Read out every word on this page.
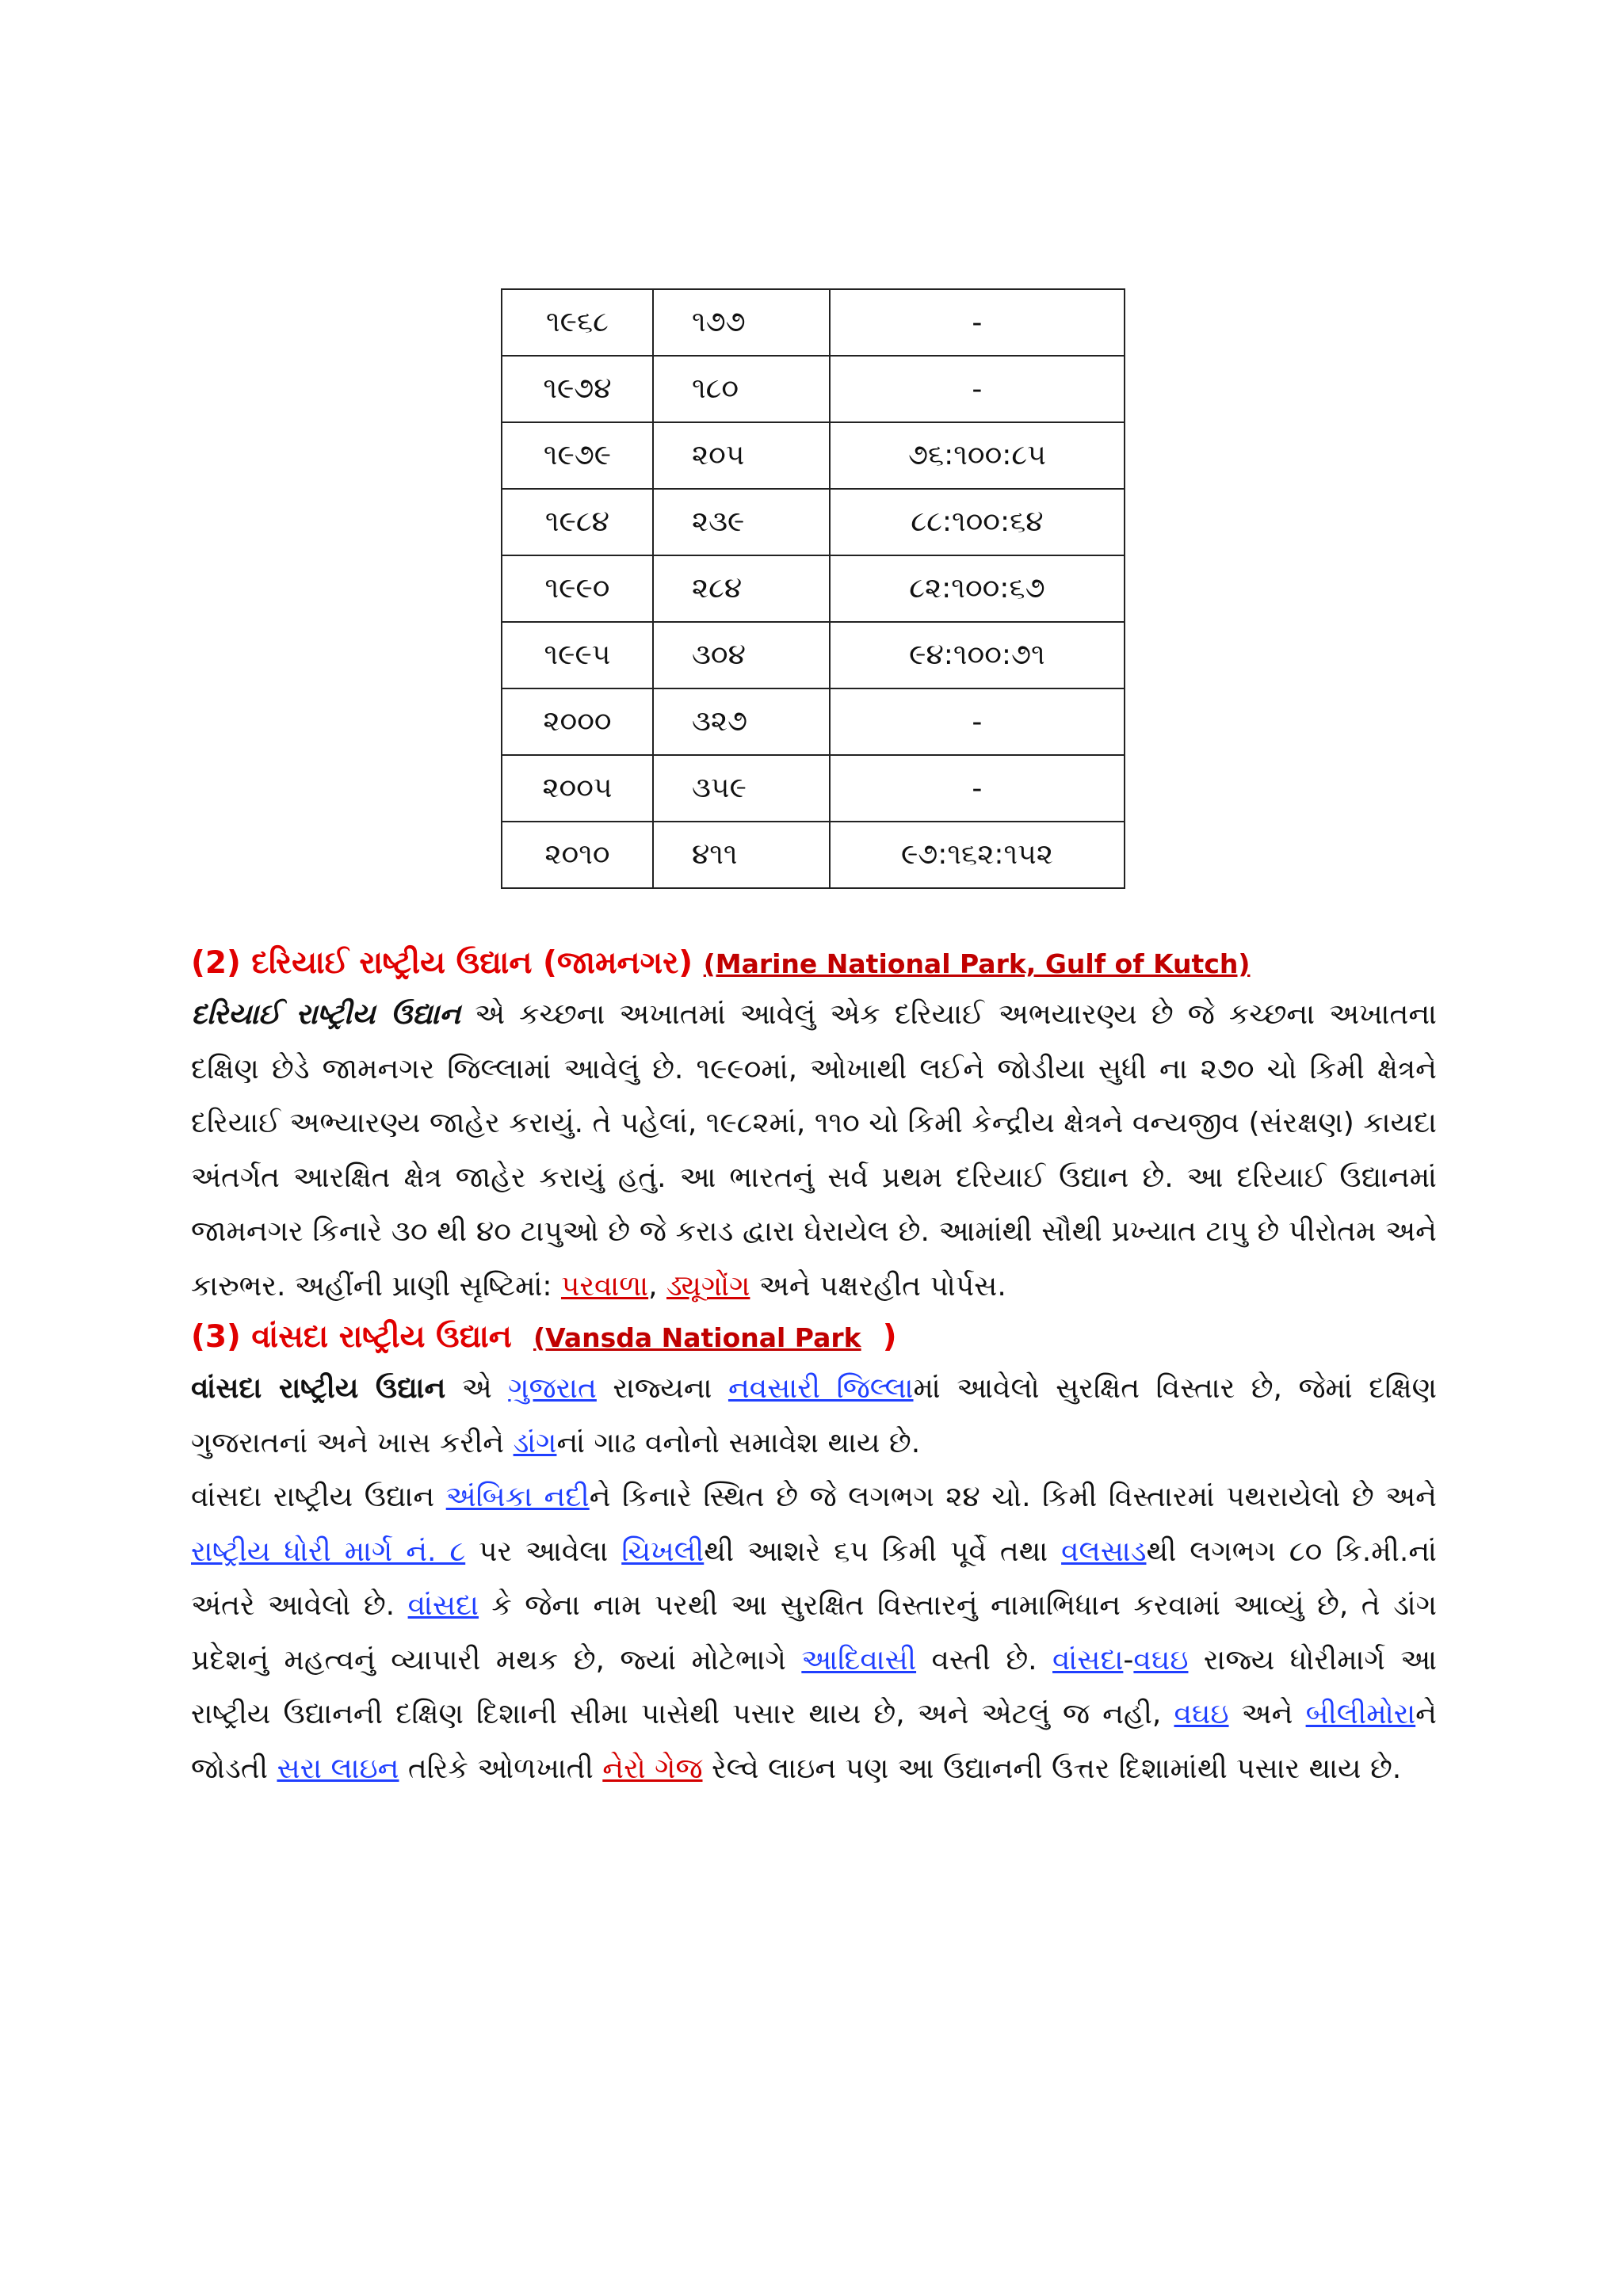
૧૯૬૮	૧૭૭	-
૧૯૭૪	૧૮૦	-
૧૯૭૯	૨૦૫	૭૬:૧૦૦:૮૫
૧૯૮૪	૨૩૯	૮૮:૧૦૦:૬૪
૧૯૯૦	૨૮૪	૮૨:૧૦૦:૬૭
૧૯૯૫	૩૦૪	૯૪:૧૦૦:૭૧
૨૦૦૦	૩૨૭	-
૨૦૦૫	૩૫૯	-
૨૦૧૦	૪૧૧	૯૭:૧૬૨:૧૫૨
(2) દરિયાઈ રાષ્ટ્રીય ઉદ્યાન (જામનગર) (Marine National Park, Gulf of Kutch)

દરિયાઈ રાષ્ટ્રીય ઉદ્યાન એ કચ્છના અખાતમાં આવેલું એક દરિયાઈ અભયારણ્ય છે જે કચ્છના અખાતના દક્ષિણ છેડે જામનગર જિલ્લામાં આવેલું છે. ૧૯૯૦માં, ઓખાથી લઈને જોડીયા સુધી ના ૨૭૦ ચો કિમી ક્ષેત્રને દરિયાઈ અભ્યારણ્ય જાહેર કરાયું. તે પહેલાં, ૧૯૮૨માં, ૧૧૦ ચો કિમી કેન્દ્રીય ક્ષેત્રને વન્યજીવ (સંરક્ષણ) કાયદા અંતર્ગત આરક્ષિત ક્ષેત્ર જાહેર કરાયું હતું. આ ભારતનું સર્વ પ્રથમ દરિયાઈ ઉદ્યાન છે. આ દરિયાઈ ઉદ્યાનમાં જામનગર કિનારે ૩૦ થી ૪૦ ટાપુઓ છે જે કરાડ દ્વારા ઘેરાયેલ છે. આમાંથી સૌથી પ્રખ્યાત ટાપુ છે પીરોતમ અને કારુભર. અહીંની પ્રાણી સૃષ્ટિમાં: પરવાળા, ડ્યૂગોંગ અને પક્ષરહીત પોર્પસ.

(3) વાંસદા રાષ્ટ્રીય ઉદ્યાન (Vansda National Park )

વાંસદા રાષ્ટ્રીય ઉદ્યાન એ ગુજરાત રાજ્યના નવસારી જિલ્લામાં આવેલો સુરક્ષિત વિસ્તાર છે, જેમાં દક્ષિણ ગુજરાતનાં અને ખાસ કરીને ડાંગનાં ગાઢ વનોનો સમાવેશ થાય છે.

વાંસદા રાષ્ટ્રીય ઉદ્યાન અંબિકા નદીને કિનારે સ્થિત છે જે લગભગ ૨૪ ચો. કિમી વિસ્તારમાં પથરાયેલો છે અને રાષ્ટ્રીય ધોરી માર્ગ નં. ૮ પર આવેલા ચિખલીથી આશરે ૬૫ કિમી પૂર્વે તથા વલસાડથી લગભગ ૮૦ કિ.મી.નાં અંતરે આવેલો છે. વાંસદા કે જેના નામ પરથી આ સુરક્ષિત વિસ્તારનું નામાભિધાન કરવામાં આવ્યું છે, તે ડાંગ પ્રદેશનું મહત્વનું વ્યાપારી મથક છે, જ્યાં મોટેભાગે આદિવાસી વસ્તી છે. વાંસદા-વઘઇ રાજ્ય ધોરીમાર્ગ આ રાષ્ટ્રીય ઉદ્યાનની દક્ષિણ દિશાની સીમા પાસેથી પસાર થાય છે, અને એટલું જ નહી, વઘઇ અને બીલીમોરાને જોડતી સરા લાઇન તરિકે ઓળખાતી નેરો ગેજ રેલ્વે લાઇન પણ આ ઉદ્યાનની ઉત્તર દિશામાંથી પસાર થાય છે.
